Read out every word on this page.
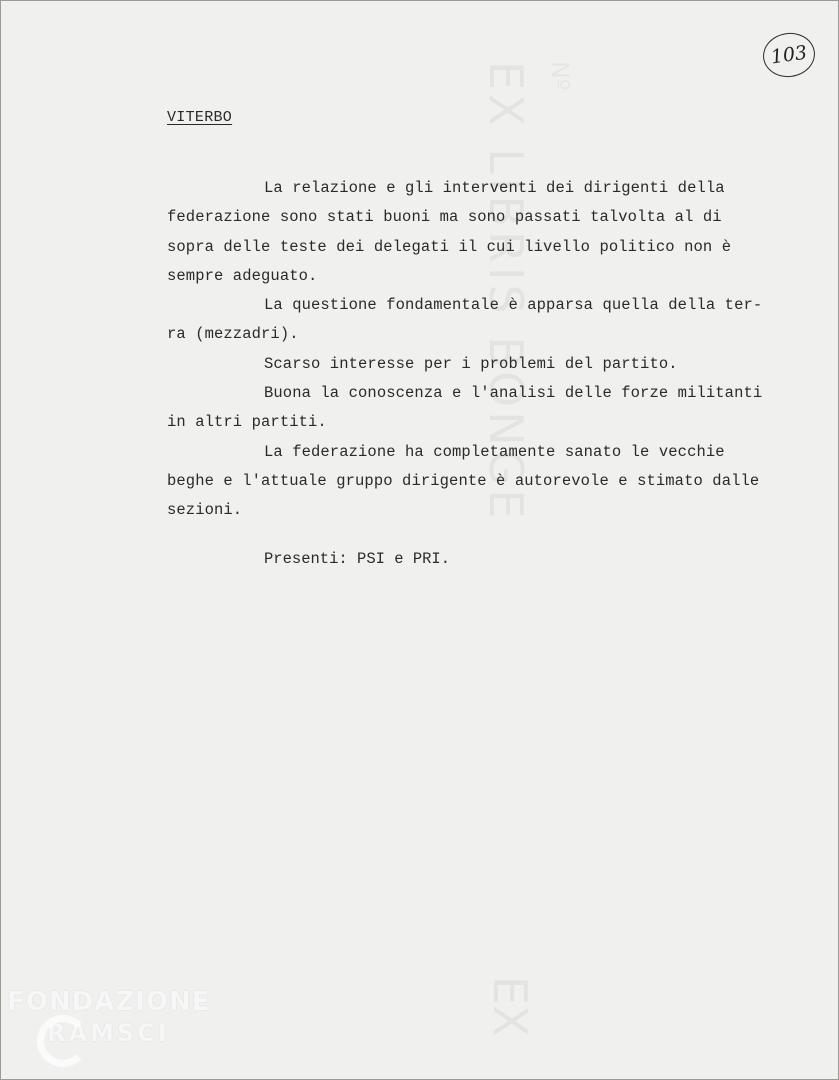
EX LIBRIS BONGE
EX
103
VITERBO
La relazione e gli interventi dei dirigenti della
federazione sono stati buoni ma sono passati talvolta al di
sopra delle teste dei delegati il cui livello politico non è
sempre adeguato.
La questione fondamentale è apparsa quella della ter-
ra (mezzadri).
Scarso interesse per i problemi del partito.
Buona la conoscenza e l'analisi delle forze militanti
in altri partiti.
La federazione ha completamente sanato le vecchie
beghe e l'attuale gruppo dirigente è autorevole e stimato dalle
sezioni.
Presenti: PSI e PRI.
FONDAZIONE
RAMSCI
